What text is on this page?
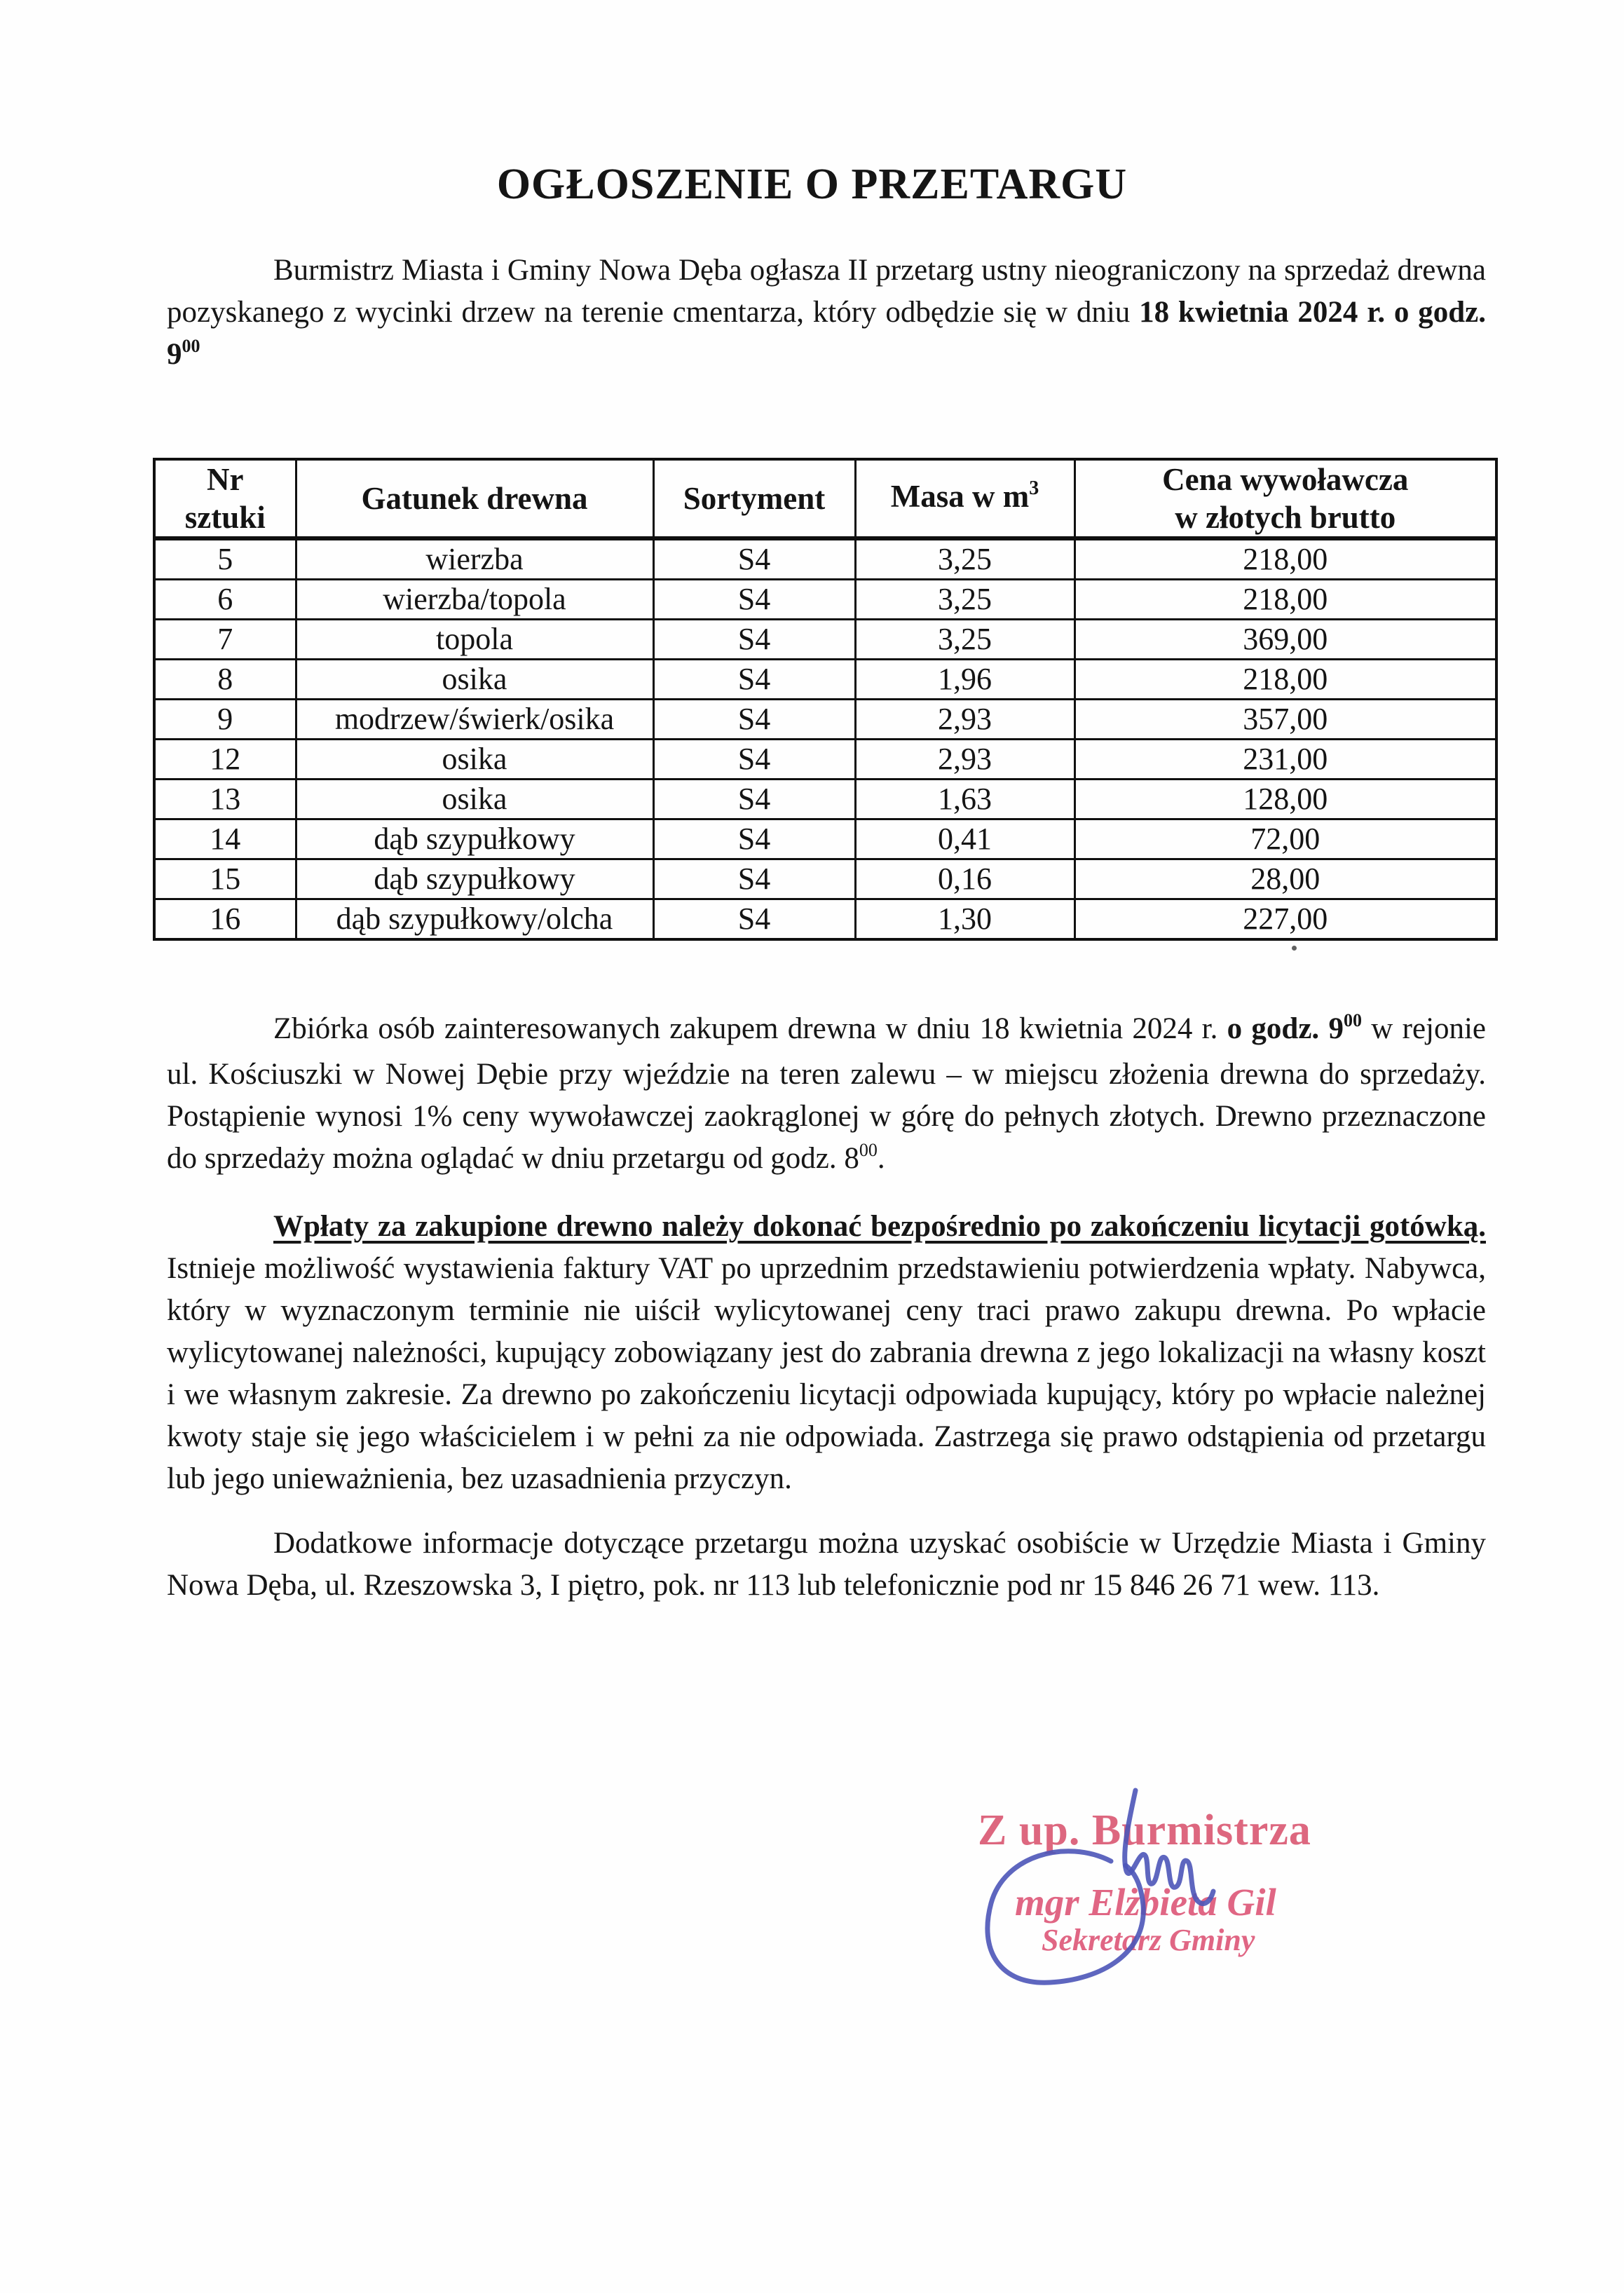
OGŁOSZENIE O PRZETARGU

Burmistrz Miasta i Gminy Nowa Dęba ogłasza II przetarg ustny nieograniczony na sprzedaż drewna pozyskanego z wycinki drzew na terenie cmentarza, który odbędzie się w dniu 18 kwietnia 2024 r. o godz. $9^{00}$

Nr
sztuki	Gatunek drewna	Sortyment	Masa w $m^3$	Cena wywoławcza
w złotych brutto
5	wierzba	S4	3,25	218,00
6	wierzba/topola	S4	3,25	218,00
7	topola	S4	3,25	369,00
8	osika	S4	1,96	218,00
9	modrzew/świerk/osika	S4	2,93	357,00
12	osika	S4	2,93	231,00
13	osika	S4	1,63	128,00
14	dąb szypułkowy	S4	0,41	72,00
15	dąb szypułkowy	S4	0,16	28,00
16	dąb szypułkowy/olcha	S4	1,30	227,00

Zbiórka osób zainteresowanych zakupem drewna w dniu 18 kwietnia 2024 r. o godz. $9^{00}$ w rejonie ul. Kościuszki w Nowej Dębie przy wjeździe na teren zalewu – w miejscu złożenia drewna do sprzedaży. Postąpienie wynosi 1% ceny wywoławczej zaokrąglonej w górę do pełnych złotych. Drewno przeznaczone do sprzedaży można oglądać w dniu przetargu od godz. $8^{00}$.

Wpłaty za zakupione drewno należy dokonać bezpośrednio po zakończeniu licytacji gotówką. Istnieje możliwość wystawienia faktury VAT po uprzednim przedstawieniu potwierdzenia wpłaty. Nabywca, który w wyznaczonym terminie nie uiścił wylicytowanej ceny traci prawo zakupu drewna. Po wpłacie wylicytowanej należności, kupujący zobowiązany jest do zabrania drewna z jego lokalizacji na własny koszt i we własnym zakresie. Za drewno po zakończeniu licytacji odpowiada kupujący, który po wpłacie należnej kwoty staje się jego właścicielem i w pełni za nie odpowiada. Zastrzega się prawo odstąpienia od przetargu lub jego unieważnienia, bez uzasadnienia przyczyn.

Dodatkowe informacje dotyczące przetargu można uzyskać osobiście w Urzędzie Miasta i Gminy Nowa Dęba, ul. Rzeszowska 3, I piętro, pok. nr 113 lub telefonicznie pod nr 15 846 26 71 wew. 113.

Z up. Burmistrza
mgr Elżbieta Gil
Sekretarz Gminy
